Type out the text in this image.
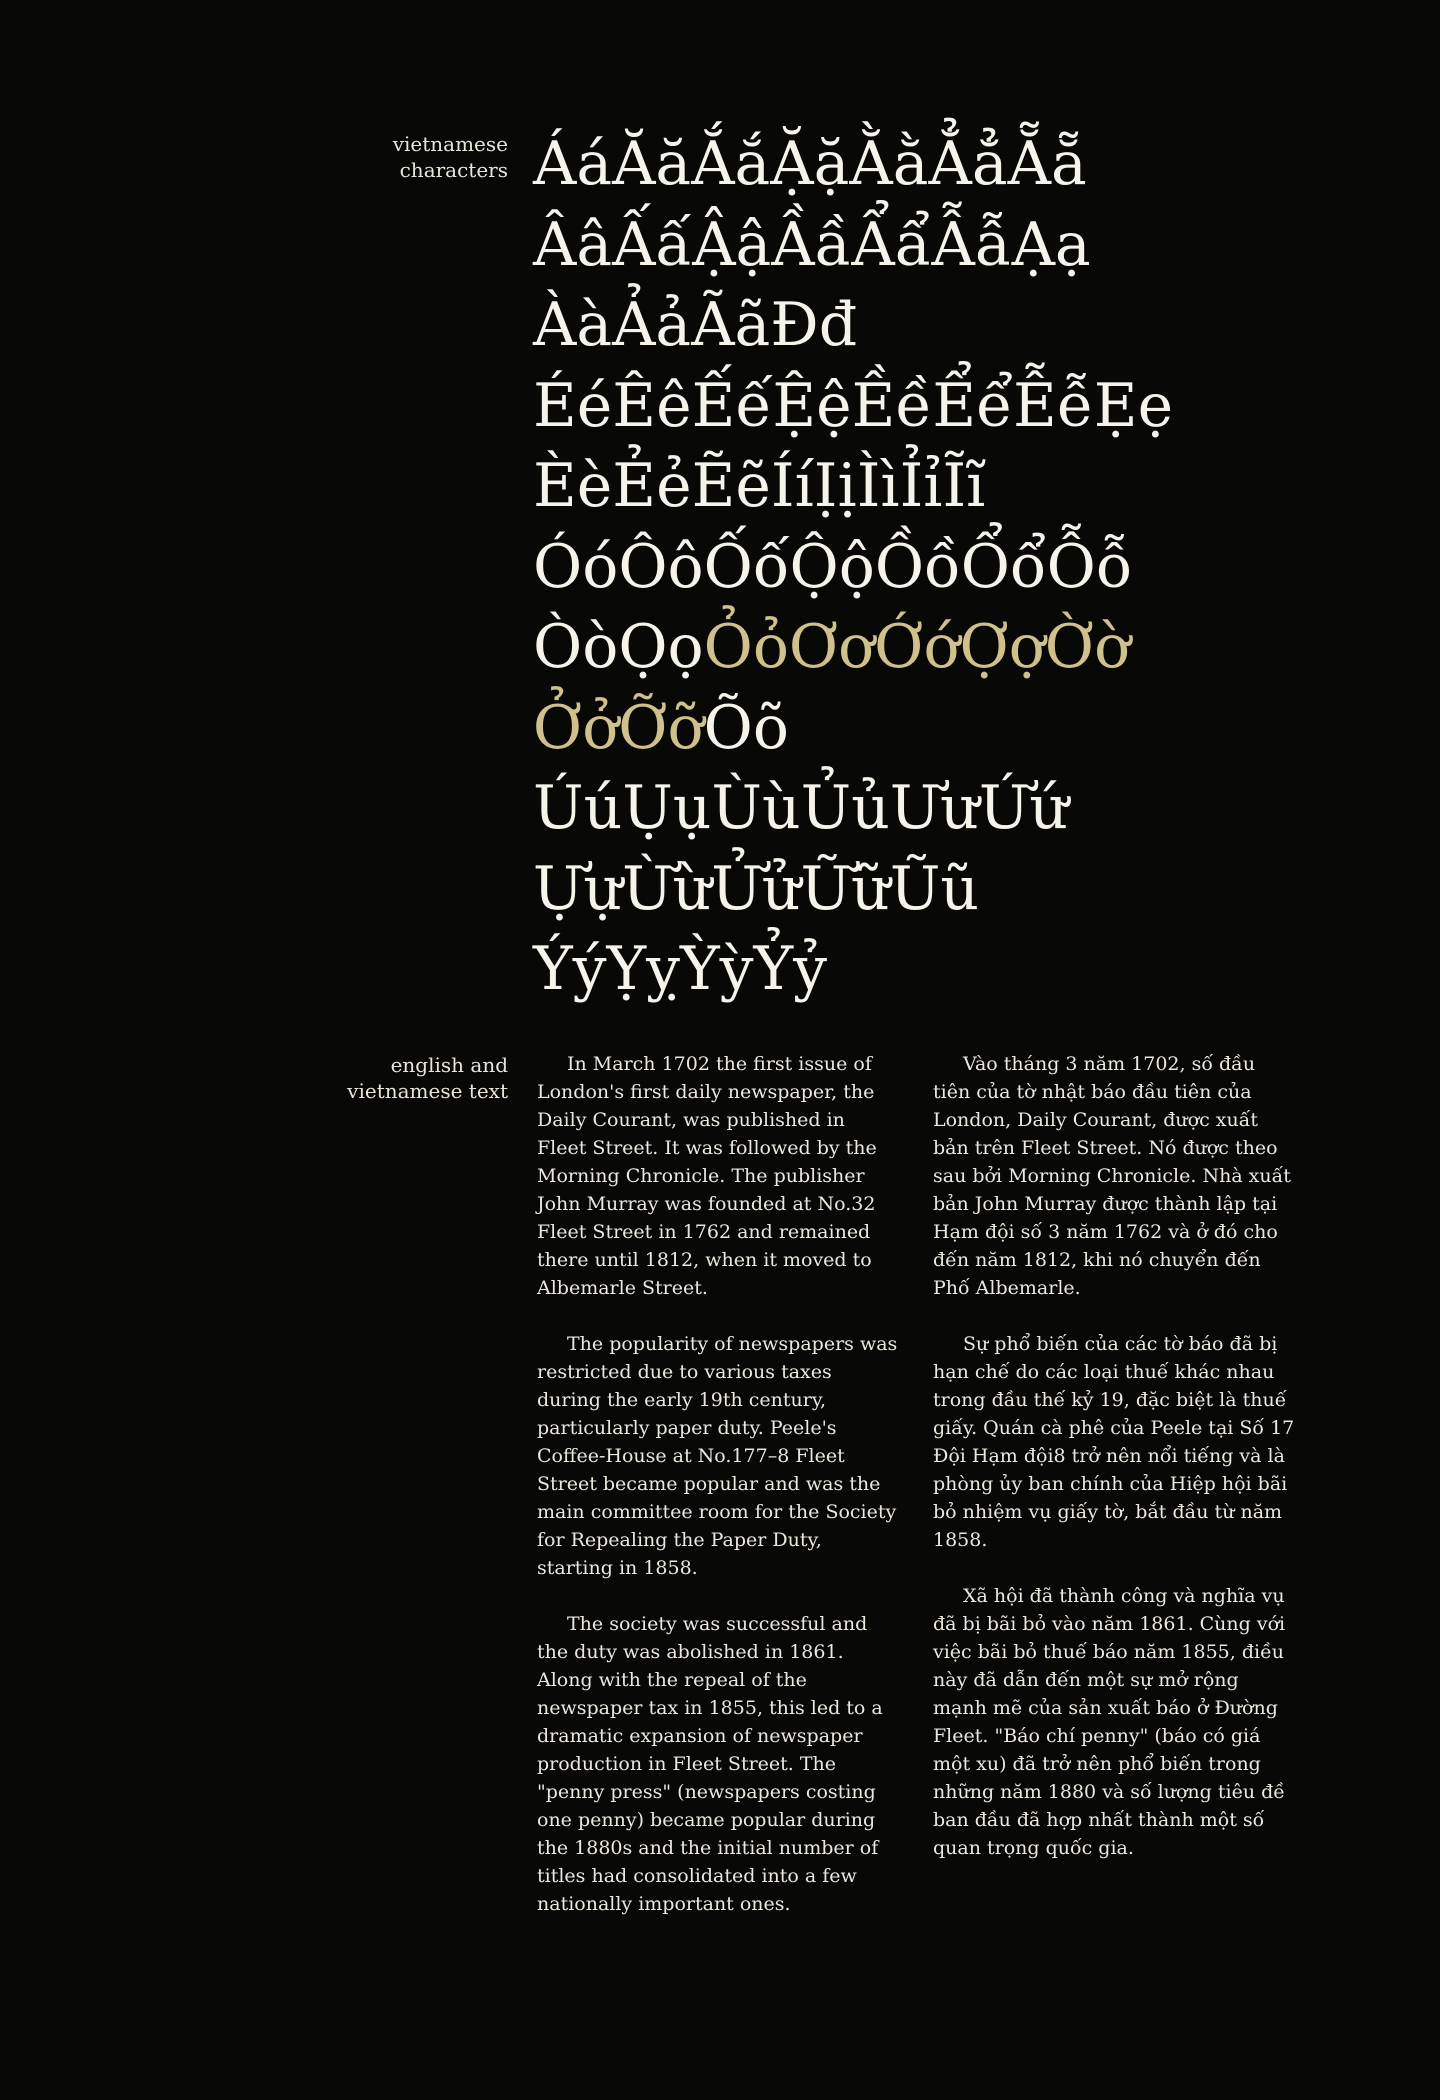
vietnamese
characters ÁáĂăẮắẶặẰằẲẳẴẵ
ÂâẤấẬậẦầẨẩẪẫẠạ
ÀàẢảÃãĐđ
ÉéÊêẾếỆệỀềỂểỄễẸẹ
ÈèẺẻẼẽÍíỊịÌìỈỉĨĩ
ÓóÔôỐốỘộỒồỔổỖỗ
ÒòỌọỎỏƠơỚớỢợỜờ
ỞởỠỡÕõ
ÚúỤụÙùỦủƯưỨứ
ỰựỪừỬửỮữŨũ
ÝýỴỵỲỳỶỷ
english and
vietnamese text

In March 1702 the first issue of London's first daily newspaper, the Daily Courant, was published in Fleet Street. It was followed by the Morning Chronicle. The publisher John Murray was founded at No.32 Fleet Street in 1762 and remained there until 1812, when it moved to Albemarle Street.

The popularity of newspapers was restricted due to various taxes during the early 19th century, particularly paper duty. Peele's Coffee-House at No.177–8 Fleet Street became popular and was the main committee room for the Society for Repealing the Paper Duty, starting in 1858.

The society was successful and the duty was abolished in 1861. Along with the repeal of the newspaper tax in 1855, this led to a dramatic expansion of newspaper production in Fleet Street. The "penny press" (newspapers costing one penny) became popular during the 1880s and the initial number of titles had consolidated into a few nationally important ones.

Vào tháng 3 năm 1702, số đầu tiên của tờ nhật báo đầu tiên của London, Daily Courant, được xuất bản trên Fleet Street. Nó được theo sau bởi Morning Chronicle. Nhà xuất bản John Murray được thành lập tại Hạm đội số 3 năm 1762 và ở đó cho đến năm 1812, khi nó chuyển đến Phố Albemarle.

Sự phổ biến của các tờ báo đã bị hạn chế do các loại thuế khác nhau trong đầu thế kỷ 19, đặc biệt là thuế giấy. Quán cà phê của Peele tại Số 17 Đội Hạm đội8 trở nên nổi tiếng và là phòng ủy ban chính của Hiệp hội bãi bỏ nhiệm vụ giấy tờ, bắt đầu từ năm 1858.

Xã hội đã thành công và nghĩa vụ đã bị bãi bỏ vào năm 1861. Cùng với việc bãi bỏ thuế báo năm 1855, điều này đã dẫn đến một sự mở rộng mạnh mẽ của sản xuất báo ở Đường Fleet. "Báo chí penny" (báo có giá một xu) đã trở nên phổ biến trong những năm 1880 và số lượng tiêu đề ban đầu đã hợp nhất thành một số quan trọng quốc gia.
